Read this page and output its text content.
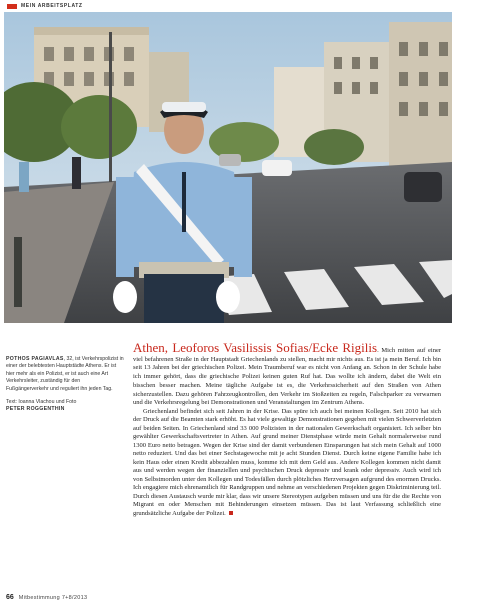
MEIN ARBEITSPLATZ

POTHOS PAGIAVLAS, 32, ist Verkehrspolizist in einer der belebtesten Hauptstädte Athens. Er ist hier mehr als ein Polizist, er ist auch eine Art Verkehrsleiter, zuständig für den Fußgängerverkehr und reguliert ihn jeden Tag.

Text: Ioanna Vlachou und Foto
PETER ROGGENTHIN

Athen, Leoforos Vasilissis Sofias/Ecke Rigilis. Mich mitten auf einer viel befahrenen Straße in der Hauptstadt Griechenlands zu stellen, macht mir nichts aus. Es ist ja mein Beruf. Ich bin seit 13 Jahren bei der griechischen Polizei. Mein Traumberuf war es nicht von Anfang an. Schon in der Schule habe ich immer gehört, dass die griechische Polizei keinen guten Ruf hat. Das wollte ich ändern, dabei die Welt ein bisschen besser machen. Meine tägliche Aufgabe ist es, die Verkehrssicherheit auf den Straßen von Athen sicherzustellen. Dazu gehören Fahrzeugkontrollen, den Verkehr im Stoßzeiten zu regeln, Falschparker zu verwarnen und die Verkehrsregelung bei Demonstrationen und Veranstaltungen im Zentrum Athens.

Griechenland befindet sich seit Jahren in der Krise. Das spüre ich auch bei meinen Kollegen. Seit 2010 hat sich der Druck auf die Beamten stark erhöht. Es hat viele gewaltige Demonstrationen gegeben mit vielen Schwerverletzten auf beiden Seiten. In Griechenland sind 33 000 Polizisten in der nationalen Gewerkschaft organisiert. Ich selber bin gewählter Gewerkschaftsvertreter in Athen. Auf grund meiner Dienstphase würde mein Gehalt normalerweise rund 1300 Euro netto betragen. Wegen der Krise sind der damit verbundenen Einsparungen hat sich mein Gehalt auf 1000 netto reduziert. Und das bei einer Sechstagewoche mit je acht Stunden Dienst. Durch keine eigene Familie habe ich kein Haus oder einen Kredit abbezahlen muss, komme ich mit dem Geld aus. Andere Kollegen kommen nicht damit aus und werden wegen der finanziellen und psychischen Druck depressiv und krank oder depressiv. Auch wird ich von Selbstmorden unter den Kollegen und Todesfällen durch plötzliches Herzversagen aufgrund des enormen Drucks. Ich engagiere mich ehrenamtlich für Randgruppen und nehme an verschiedenen Projekten gegen Diskriminierung teil. Durch diesen Austausch wurde mir klar, dass wir unsere Stereotypen aufgeben müssen und uns für die die Rechte von Migrant en oder Menschen mit Behinderungen einsetzen müssen. Das ist laut Verfassung schließlich eine grundsätzliche Aufgabe der Polizei.

66 Mitbestimmung 7+8/2013
